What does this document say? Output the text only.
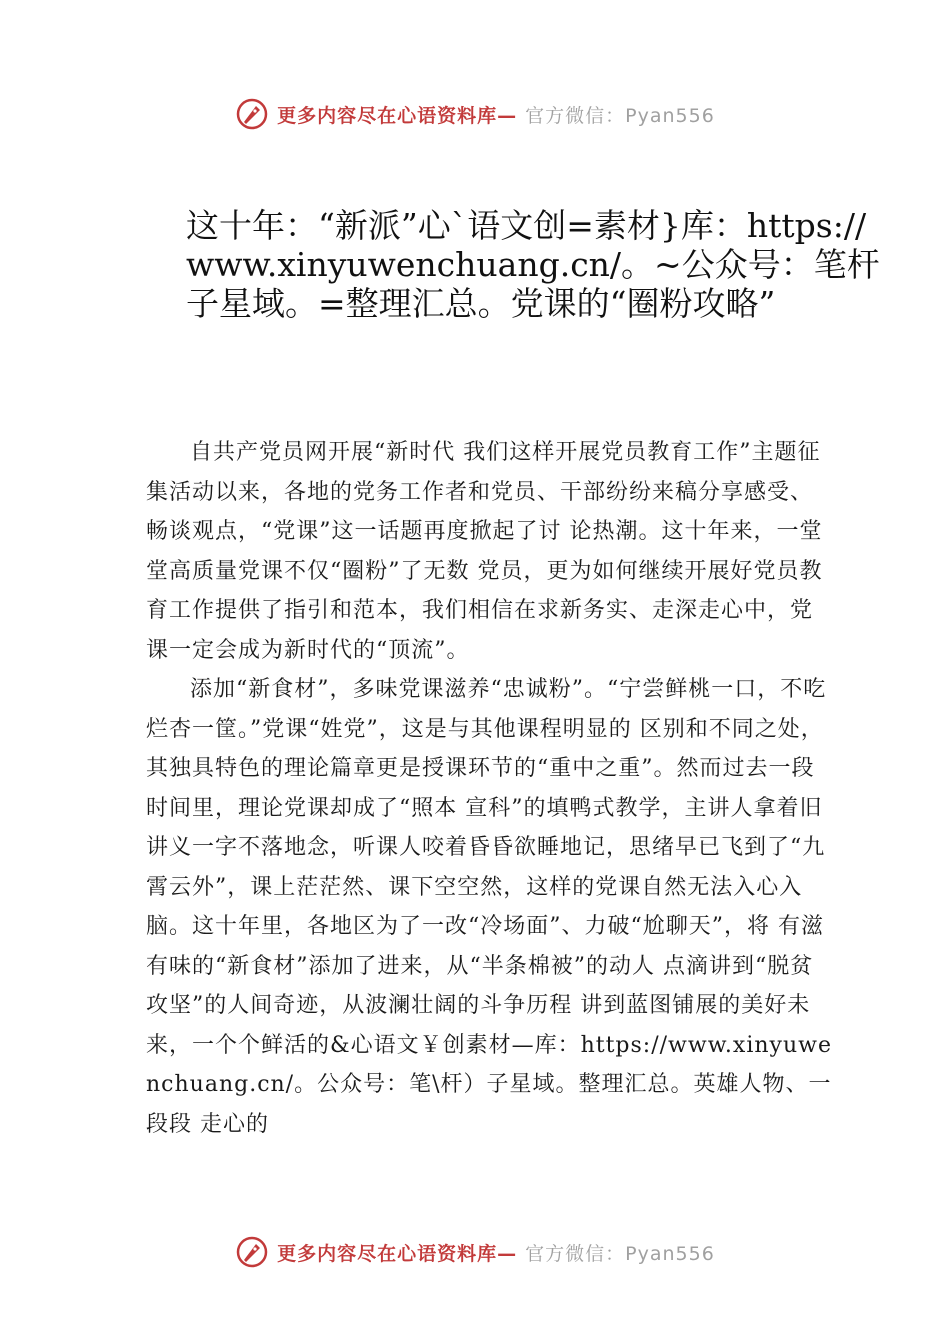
更多内容尽在心语资料库— 官方微信：Pyan556
这十年：“新派”心`语文创=素材}库：https://www.xinyuwenchuang.cn/。~公众号：笔杆子星域。=整理汇总。党课的“圈粉攻略”

自共产党员网开展“新时代 我们这样开展党员教育工作”主题征集活动以来，各地的党务工作者和党员、干部纷纷来稿分享感受、畅谈观点，“党课”这一话题再度掀起了讨 论热潮。这十年来，一堂堂高质量党课不仅“圈粉”了无数 党员，更为如何继续开展好党员教育工作提供了指引和范本，我们相信在求新务实、走深走心中，党课一定会成为新时代的“顶流”。

添加“新食材”，多味党课滋养“忠诚粉”。“宁尝鲜桃一口，不吃烂杏一筐。”党课“姓党”，这是与其他课程明显的 区别和不同之处，其独具特色的理论篇章更是授课环节的“重中之重”。然而过去一段时间里，理论党课却成了“照本 宣科”的填鸭式教学，主讲人拿着旧讲义一字不落地念，听课人咬着昏昏欲睡地记，思绪早已飞到了“九霄云外”，课上茫茫然、课下空空然，这样的党课自然无法入心入脑。这十年里，各地区为了一改“冷场面”、力破“尬聊天”，将 有滋有味的“新食材”添加了进来，从“半条棉被”的动人 点滴讲到“脱贫攻坚”的人间奇迹，从波澜壮阔的斗争历程 讲到蓝图铺展的美好未来，一个个鲜活的&心语文￥创素材—库：https://www.xinyuwenchuang.cn/。公众号：笔\杆）子星域。整理汇总。英雄人物、一段段 走心的

更多内容尽在心语资料库— 官方微信：Pyan556
